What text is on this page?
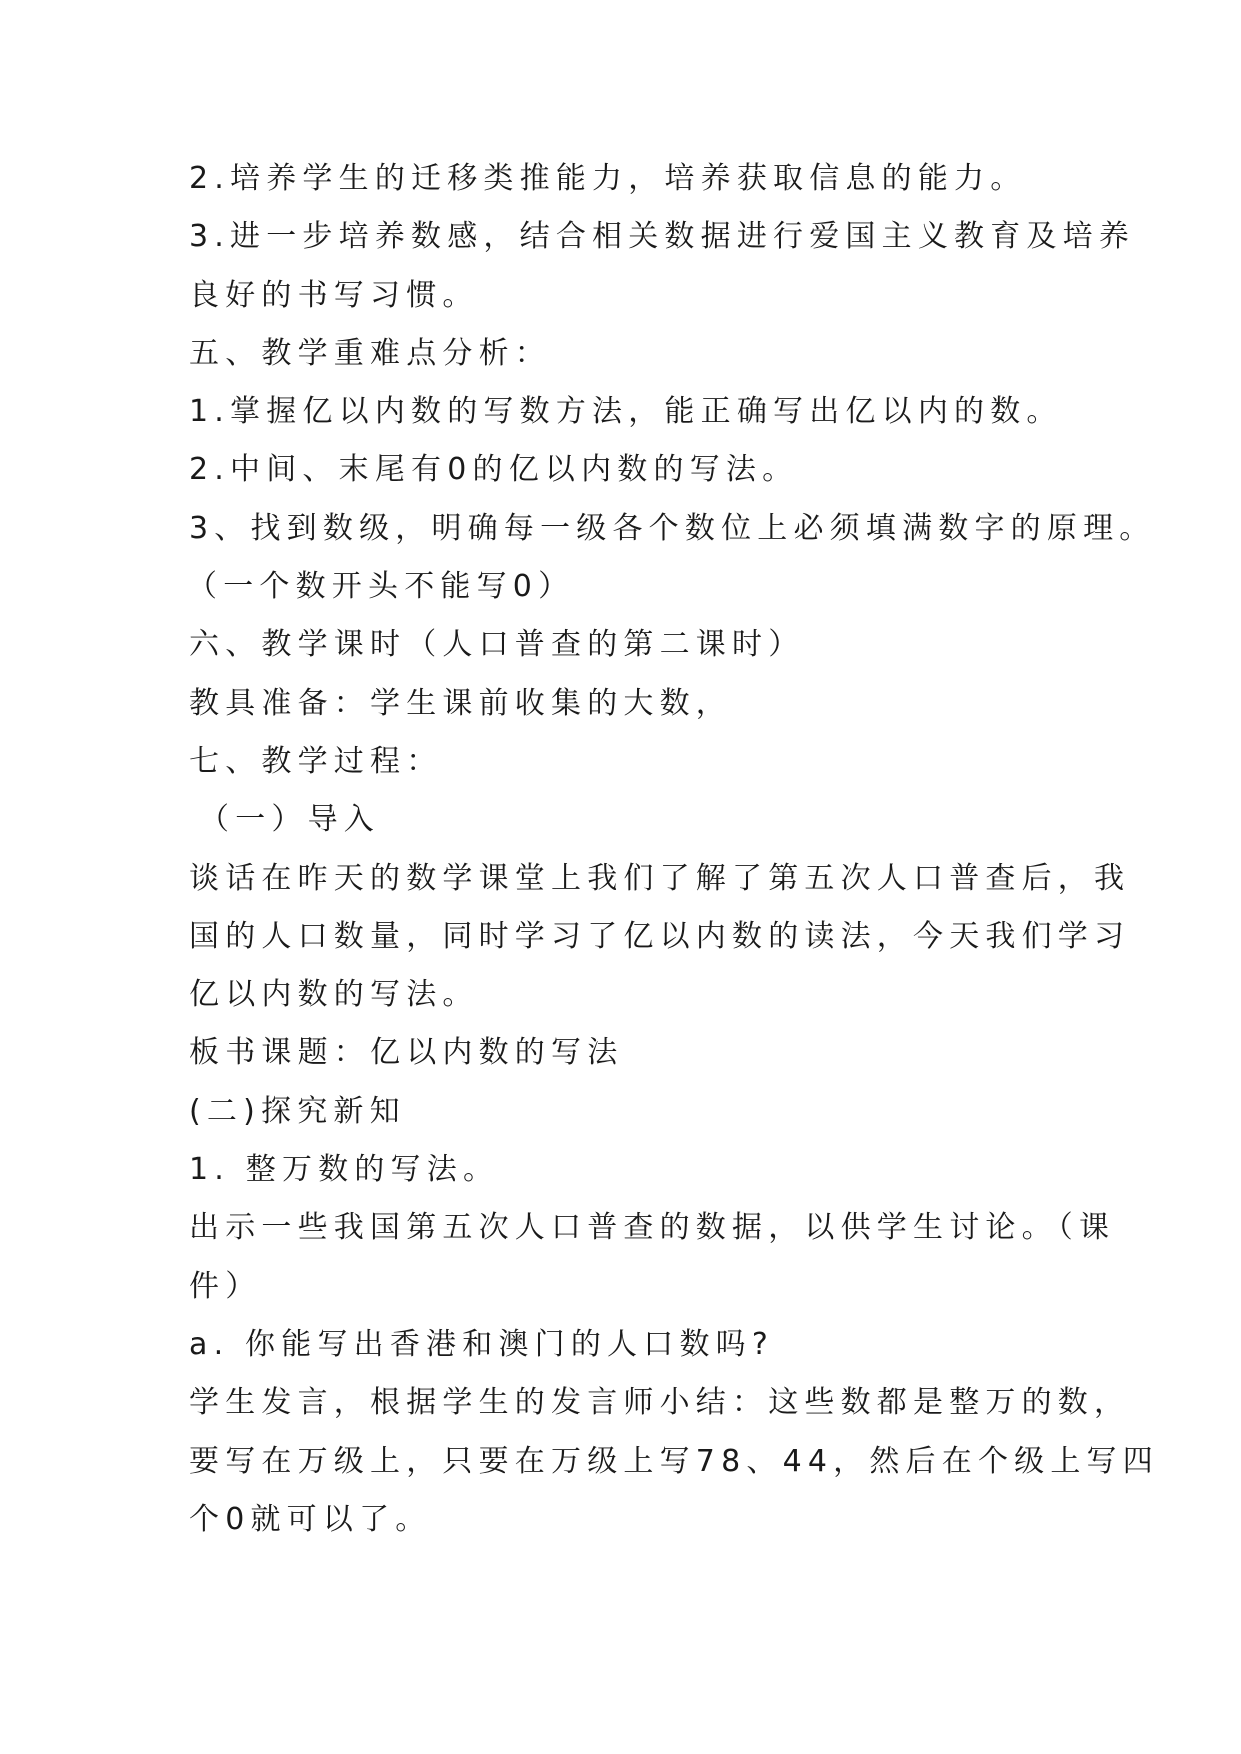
2.培养学生的迁移类推能力，培养获取信息的能力。
3.进一步培养数感，结合相关数据进行爱国主义教育及培养
良好的书写习惯。
五、教学重难点分析：
1.掌握亿以内数的写数方法，能正确写出亿以内的数。
2.中间、末尾有0的亿以内数的写法。
3、找到数级，明确每一级各个数位上必须填满数字的原理。
（一个数开头不能写0）
六、教学课时（人口普查的第二课时）
教具准备：学生课前收集的大数，
七、教学过程：
（一）导入
谈话在昨天的数学课堂上我们了解了第五次人口普查后，我
国的人口数量，同时学习了亿以内数的读法，今天我们学习
亿以内数的写法。
板书课题：亿以内数的写法
(二)探究新知
1. 整万数的写法。
出示一些我国第五次人口普查的数据，以供学生讨论。（课
件）
a. 你能写出香港和澳门的人口数吗?
学生发言，根据学生的发言师小结：这些数都是整万的数，
要写在万级上，只要在万级上写78、44，然后在个级上写四
个0就可以了。
